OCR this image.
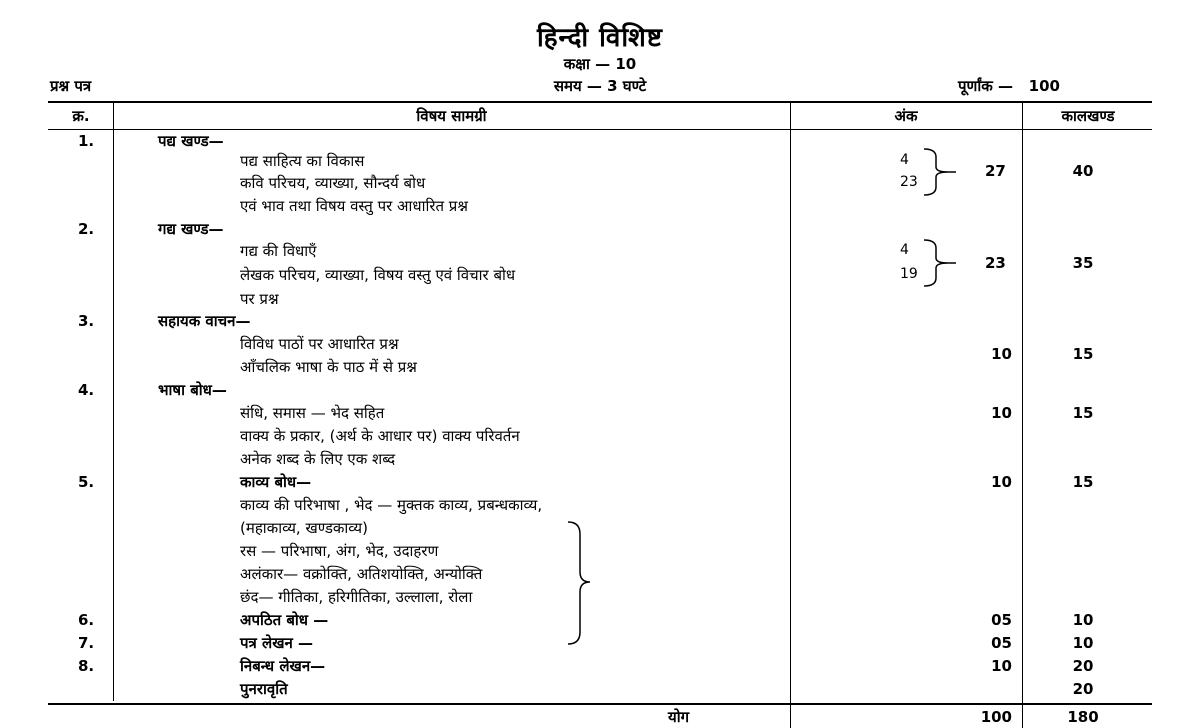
हिन्दी विशिष्ट
कक्षा — 10
प्रश्न पत्र	समय — 3 घण्टे	पूर्णांक —   100
क्र.	विषय सामग्री	अंक	कालखण्ड
1.	पद्य खण्ड—
पद्य साहित्य का विकास
कवि परिचय, व्याख्या, सौन्दर्य बोध
एवं भाव तथा विषय वस्तु पर आधारित प्रश्न
4
23
27	40
2.	गद्य खण्ड—
गद्य की विधाएँ
लेखक परिचय, व्याख्या, विषय वस्तु एवं विचार बोध
पर प्रश्न
4
19
23	35
3.	सहायक वाचन—
विविध पाठों पर आधारित प्रश्न
आँचलिक भाषा के पाठ में से प्रश्न
10	15
4.	भाषा बोध—
संधि, समास — भेद सहित
वाक्य के प्रकार, (अर्थ के आधार पर) वाक्य परिवर्तन
अनेक शब्द के लिए एक शब्द
10	15
5.	काव्य बोध—
काव्य की परिभाषा , भेद — मुक्तक काव्य, प्रबन्धकाव्य,
(महाकाव्य, खण्डकाव्य)
रस — परिभाषा, अंग, भेद, उदाहरण
अलंकार— वक्रोक्ति, अतिशयोक्ति, अन्योक्ति
छंद— गीतिका, हरिगीतिका, उल्लाला, रोला
10	15
6.	अपठित बोध —	05	10
7.	पत्र लेखन —	05	10
8.	निबन्ध लेखन—	10	20
पुनरावृति	20
योग	100	180
